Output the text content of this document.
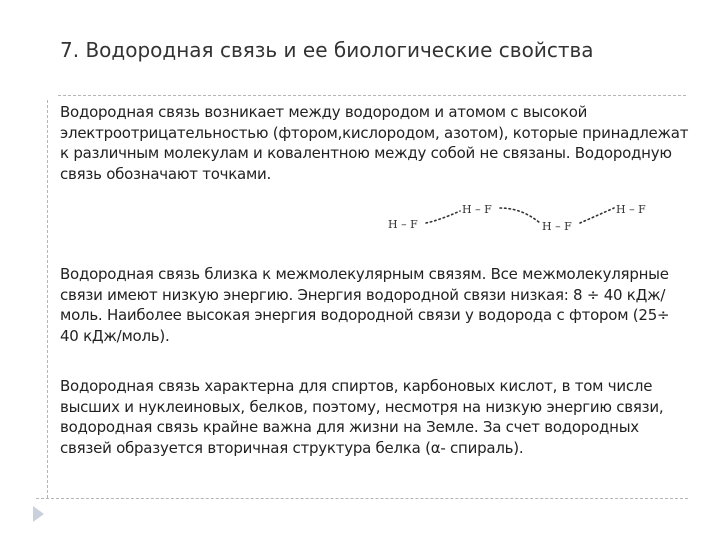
7. Водородная связь и ее биологические свойства

Водородная связь возникает между водородом и атомом с высокой электроотрицательностью (фтором,кислородом, азотом), которые принадлежат к различным молекулам и ковалентною между собой не связаны. Водородную связь обозначают точками.

H – F
H – F
H – F
H – F

Водородная связь близка к межмолекулярным связям. Все межмолекулярные связи имеют низкую энергию. Энергия водородной связи низкая: 8 ÷ 40 кДж/моль. Наиболее высокая энергия водородной связи у водорода с фтором (25÷ 40 кДж/моль).

Водородная связь характерна для спиртов, карбоновых кислот, в том числе высших и нуклеиновых, белков, поэтому, несмотря на низкую энергию связи, водородная связь крайне важна для жизни на Земле. За счет водородных связей образуется вторичная структура белка (α- спираль).
